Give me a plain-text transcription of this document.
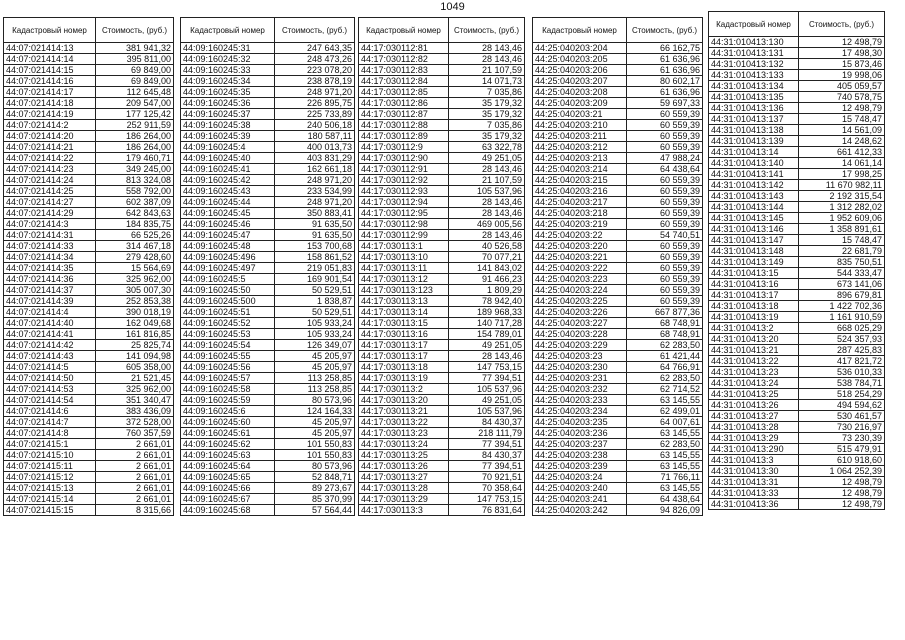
1049
Кадастровый номер	Стоимость, (руб.)
44:07:021414:13	381 941,32
44:07:021414:14	395 811,00
44:07:021414:15	69 849,00
44:07:021414:16	69 849,00
44:07:021414:17	112 645,48
44:07:021414:18	209 547,00
44:07:021414:19	177 125,42
44:07:021414:2	252 911,59
44:07:021414:20	186 264,00
44:07:021414:21	186 264,00
44:07:021414:22	179 460,71
44:07:021414:23	349 245,00
44:07:021414:24	813 324,08
44:07:021414:25	558 792,00
44:07:021414:27	602 387,09
44:07:021414:29	642 843,63
44:07:021414:3	184 835,75
44:07:021414:31	66 525,26
44:07:021414:33	314 467,18
44:07:021414:34	279 428,60
44:07:021414:35	15 564,69
44:07:021414:36	325 962,00
44:07:021414:37	305 007,30
44:07:021414:39	252 853,38
44:07:021414:4	390 018,19
44:07:021414:40	162 049,68
44:07:021414:41	161 816,85
44:07:021414:42	25 825,74
44:07:021414:43	141 094,98
44:07:021414:5	605 358,00
44:07:021414:50	21 521,45
44:07:021414:53	325 962,00
44:07:021414:54	351 340,47
44:07:021414:6	383 436,09
44:07:021414:7	372 528,00
44:07:021414:8	760 357,59
44:07:021415:1	2 661,01
44:07:021415:10	2 661,01
44:07:021415:11	2 661,01
44:07:021415:12	2 661,01
44:07:021415:13	2 661,01
44:07:021415:14	2 661,01
44:07:021415:15	8 315,66
Кадастровый номер	Стоимость, (руб.)
44:09:160245:31	247 643,35
44:09:160245:32	248 473,26
44:09:160245:33	223 078,20
44:09:160245:34	238 878,19
44:09:160245:35	248 971,20
44:09:160245:36	226 895,75
44:09:160245:37	225 733,89
44:09:160245:38	240 506,18
44:09:160245:39	180 587,11
44:09:160245:4	400 013,73
44:09:160245:40	403 831,29
44:09:160245:41	162 661,18
44:09:160245:42	248 971,20
44:09:160245:43	233 534,99
44:09:160245:44	248 971,20
44:09:160245:45	350 883,41
44:09:160245:46	91 635,50
44:09:160245:47	91 635,50
44:09:160245:48	153 700,68
44:09:160245:496	158 861,52
44:09:160245:497	219 051,83
44:09:160245:5	169 901,54
44:09:160245:50	50 529,51
44:09:160245:500	1 838,87
44:09:160245:51	50 529,51
44:09:160245:52	105 933,24
44:09:160245:53	105 933,24
44:09:160245:54	126 349,07
44:09:160245:55	45 205,97
44:09:160245:56	45 205,97
44:09:160245:57	113 258,85
44:09:160245:58	113 258,85
44:09:160245:59	80 573,96
44:09:160245:6	124 164,33
44:09:160245:60	45 205,97
44:09:160245:61	45 205,97
44:09:160245:62	101 550,83
44:09:160245:63	101 550,83
44:09:160245:64	80 573,96
44:09:160245:65	52 848,71
44:09:160245:66	89 273,67
44:09:160245:67	85 370,99
44:09:160245:68	57 564,44
Кадастровый номер	Стоимость, (руб.)
44:17:030112:81	28 143,46
44:17:030112:82	28 143,46
44:17:030112:83	21 107,59
44:17:030112:84	14 071,73
44:17:030112:85	7 035,86
44:17:030112:86	35 179,32
44:17:030112:87	35 179,32
44:17:030112:88	7 035,86
44:17:030112:89	35 179,32
44:17:030112:9	63 322,78
44:17:030112:90	49 251,05
44:17:030112:91	28 143,46
44:17:030112:92	21 107,59
44:17:030112:93	105 537,96
44:17:030112:94	28 143,46
44:17:030112:95	28 143,46
44:17:030112:98	469 005,56
44:17:030112:99	28 143,46
44:17:030113:1	40 526,58
44:17:030113:10	70 077,21
44:17:030113:11	141 843,02
44:17:030113:12	91 466,23
44:17:030113:123	1 809,29
44:17:030113:13	78 942,40
44:17:030113:14	189 968,33
44:17:030113:15	140 717,28
44:17:030113:16	154 789,01
44:17:030113:17	49 251,05
44:17:030113:17	28 143,46
44:17:030113:18	147 753,15
44:17:030113:19	77 394,51
44:17:030113:2	105 537,96
44:17:030113:20	49 251,05
44:17:030113:21	105 537,96
44:17:030113:22	84 430,37
44:17:030113:23	218 111,79
44:17:030113:24	77 394,51
44:17:030113:25	84 430,37
44:17:030113:26	77 394,51
44:17:030113:27	70 921,51
44:17:030113:28	70 358,64
44:17:030113:29	147 753,15
44:17:030113:3	76 831,64
Кадастровый номер	Стоимость, (руб.)
44:25:040203:204	66 162,75
44:25:040203:205	61 636,96
44:25:040203:206	61 636,96
44:25:040203:207	80 602,17
44:25:040203:208	61 636,96
44:25:040203:209	59 697,33
44:25:040203:21	60 559,39
44:25:040203:210	60 559,39
44:25:040203:211	60 559,39
44:25:040203:212	60 559,39
44:25:040203:213	47 988,24
44:25:040203:214	64 438,64
44:25:040203:215	60 559,39
44:25:040203:216	60 559,39
44:25:040203:217	60 559,39
44:25:040203:218	60 559,39
44:25:040203:219	60 559,39
44:25:040203:22	54 740,51
44:25:040203:220	60 559,39
44:25:040203:221	60 559,39
44:25:040203:222	60 559,39
44:25:040203:223	60 559,39
44:25:040203:224	60 559,39
44:25:040203:225	60 559,39
44:25:040203:226	667 877,36
44:25:040203:227	68 748,91
44:25:040203:228	68 748,91
44:25:040203:229	62 283,50
44:25:040203:23	61 421,44
44:25:040203:230	64 766,91
44:25:040203:231	62 283,50
44:25:040203:232	62 714,52
44:25:040203:233	63 145,55
44:25:040203:234	62 499,01
44:25:040203:235	64 007,61
44:25:040203:236	63 145,55
44:25:040203:237	62 283,50
44:25:040203:238	63 145,55
44:25:040203:239	63 145,55
44:25:040203:24	71 766,11
44:25:040203:240	63 145,55
44:25:040203:241	64 438,64
44:25:040203:242	94 826,09
Кадастровый номер	Стоимость, (руб.)
44:31:010413:130	12 498,79
44:31:010413:131	17 498,30
44:31:010413:132	15 873,46
44:31:010413:133	19 998,06
44:31:010413:134	405 059,57
44:31:010413:135	740 578,75
44:31:010413:136	12 498,79
44:31:010413:137	15 748,47
44:31:010413:138	14 561,09
44:31:010413:139	14 248,62
44:31:010413:14	661 412,33
44:31:010413:140	14 061,14
44:31:010413:141	17 998,25
44:31:010413:142	11 670 982,11
44:31:010413:143	2 192 315,54
44:31:010413:144	1 312 282,02
44:31:010413:145	1 952 609,06
44:31:010413:146	1 358 891,61
44:31:010413:147	15 748,47
44:31:010413:148	22 681,79
44:31:010413:149	835 750,51
44:31:010413:15	544 333,47
44:31:010413:16	673 141,06
44:31:010413:17	896 679,81
44:31:010413:18	1 422 702,36
44:31:010413:19	1 161 910,59
44:31:010413:2	668 025,29
44:31:010413:20	524 357,93
44:31:010413:21	287 425,83
44:31:010413:22	417 821,72
44:31:010413:23	536 010,33
44:31:010413:24	538 784,71
44:31:010413:25	518 254,29
44:31:010413:26	494 594,62
44:31:010413:27	530 461,57
44:31:010413:28	730 216,97
44:31:010413:29	73 230,39
44:31:010413:290	515 479,91
44:31:010413:3	610 918,60
44:31:010413:30	1 064 252,39
44:31:010413:31	12 498,79
44:31:010413:33	12 498,79
44:31:010413:36	12 498,79
